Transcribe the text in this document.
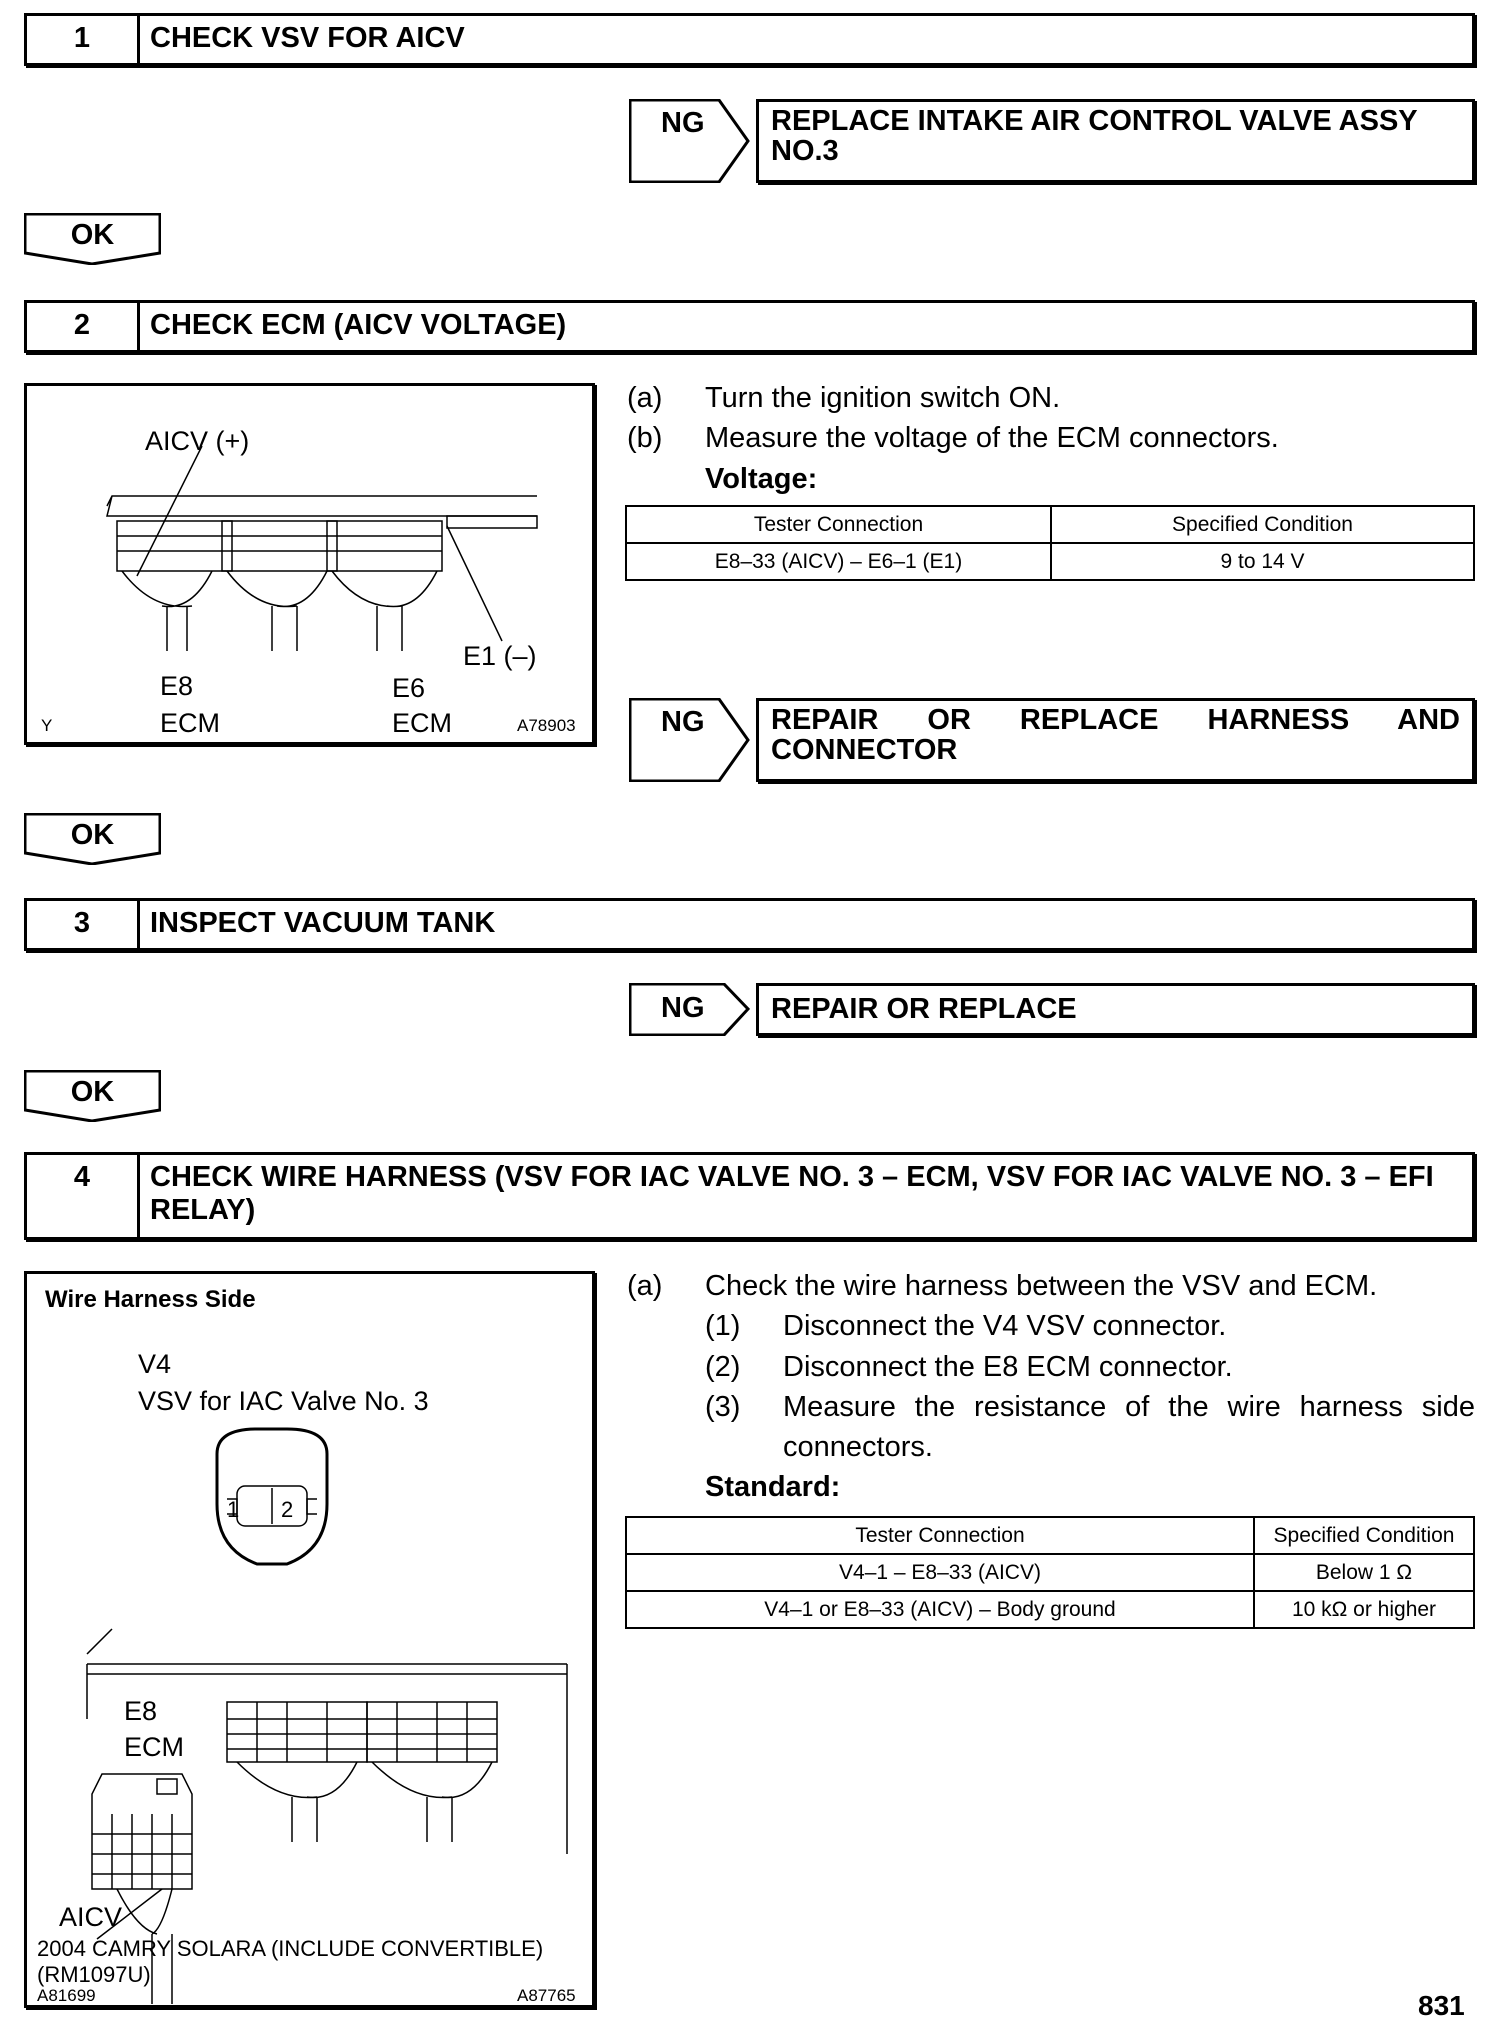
1	CHECK VSV FOR AICV
NG	REPLACE INTAKE AIR CONTROL VALVE ASSY NO.3
OK
2	CHECK ECM (AICV VOLTAGE)
AICV (+)
E1 (–)
E8	E6
ECM	ECM
Y	A78903
(a) Turn the ignition switch ON.
(b) Measure the voltage of the ECM connectors.
Voltage:
Tester Connection	Specified Condition
E8–33 (AICV) – E6–1 (E1)	9 to 14 V
NG	REPAIR OR REPLACE HARNESS AND CONNECTOR
OK
3	INSPECT VACUUM TANK
NG	REPAIR OR REPLACE
OK
4	CHECK WIRE HARNESS (VSV FOR IAC VALVE NO. 3 – ECM, VSV FOR IAC VALVE NO. 3 – EFI RELAY)
Wire Harness Side
V4
VSV for IAC Valve No. 3
1 2
E8
ECM
AICV
2004 CAMRY SOLARA (INCLUDE CONVERTIBLE)
(RM1097U)
A81699	A87765
(a) Check the wire harness between the VSV and ECM.
(1) Disconnect the V4 VSV connector.
(2) Disconnect the E8 ECM connector.
(3) Measure the resistance of the wire harness side connectors.
Standard:
Tester Connection	Specified Condition
V4–1 – E8–33 (AICV)	Below 1 Ω
V4–1 or E8–33 (AICV) – Body ground	10 kΩ or higher
831
